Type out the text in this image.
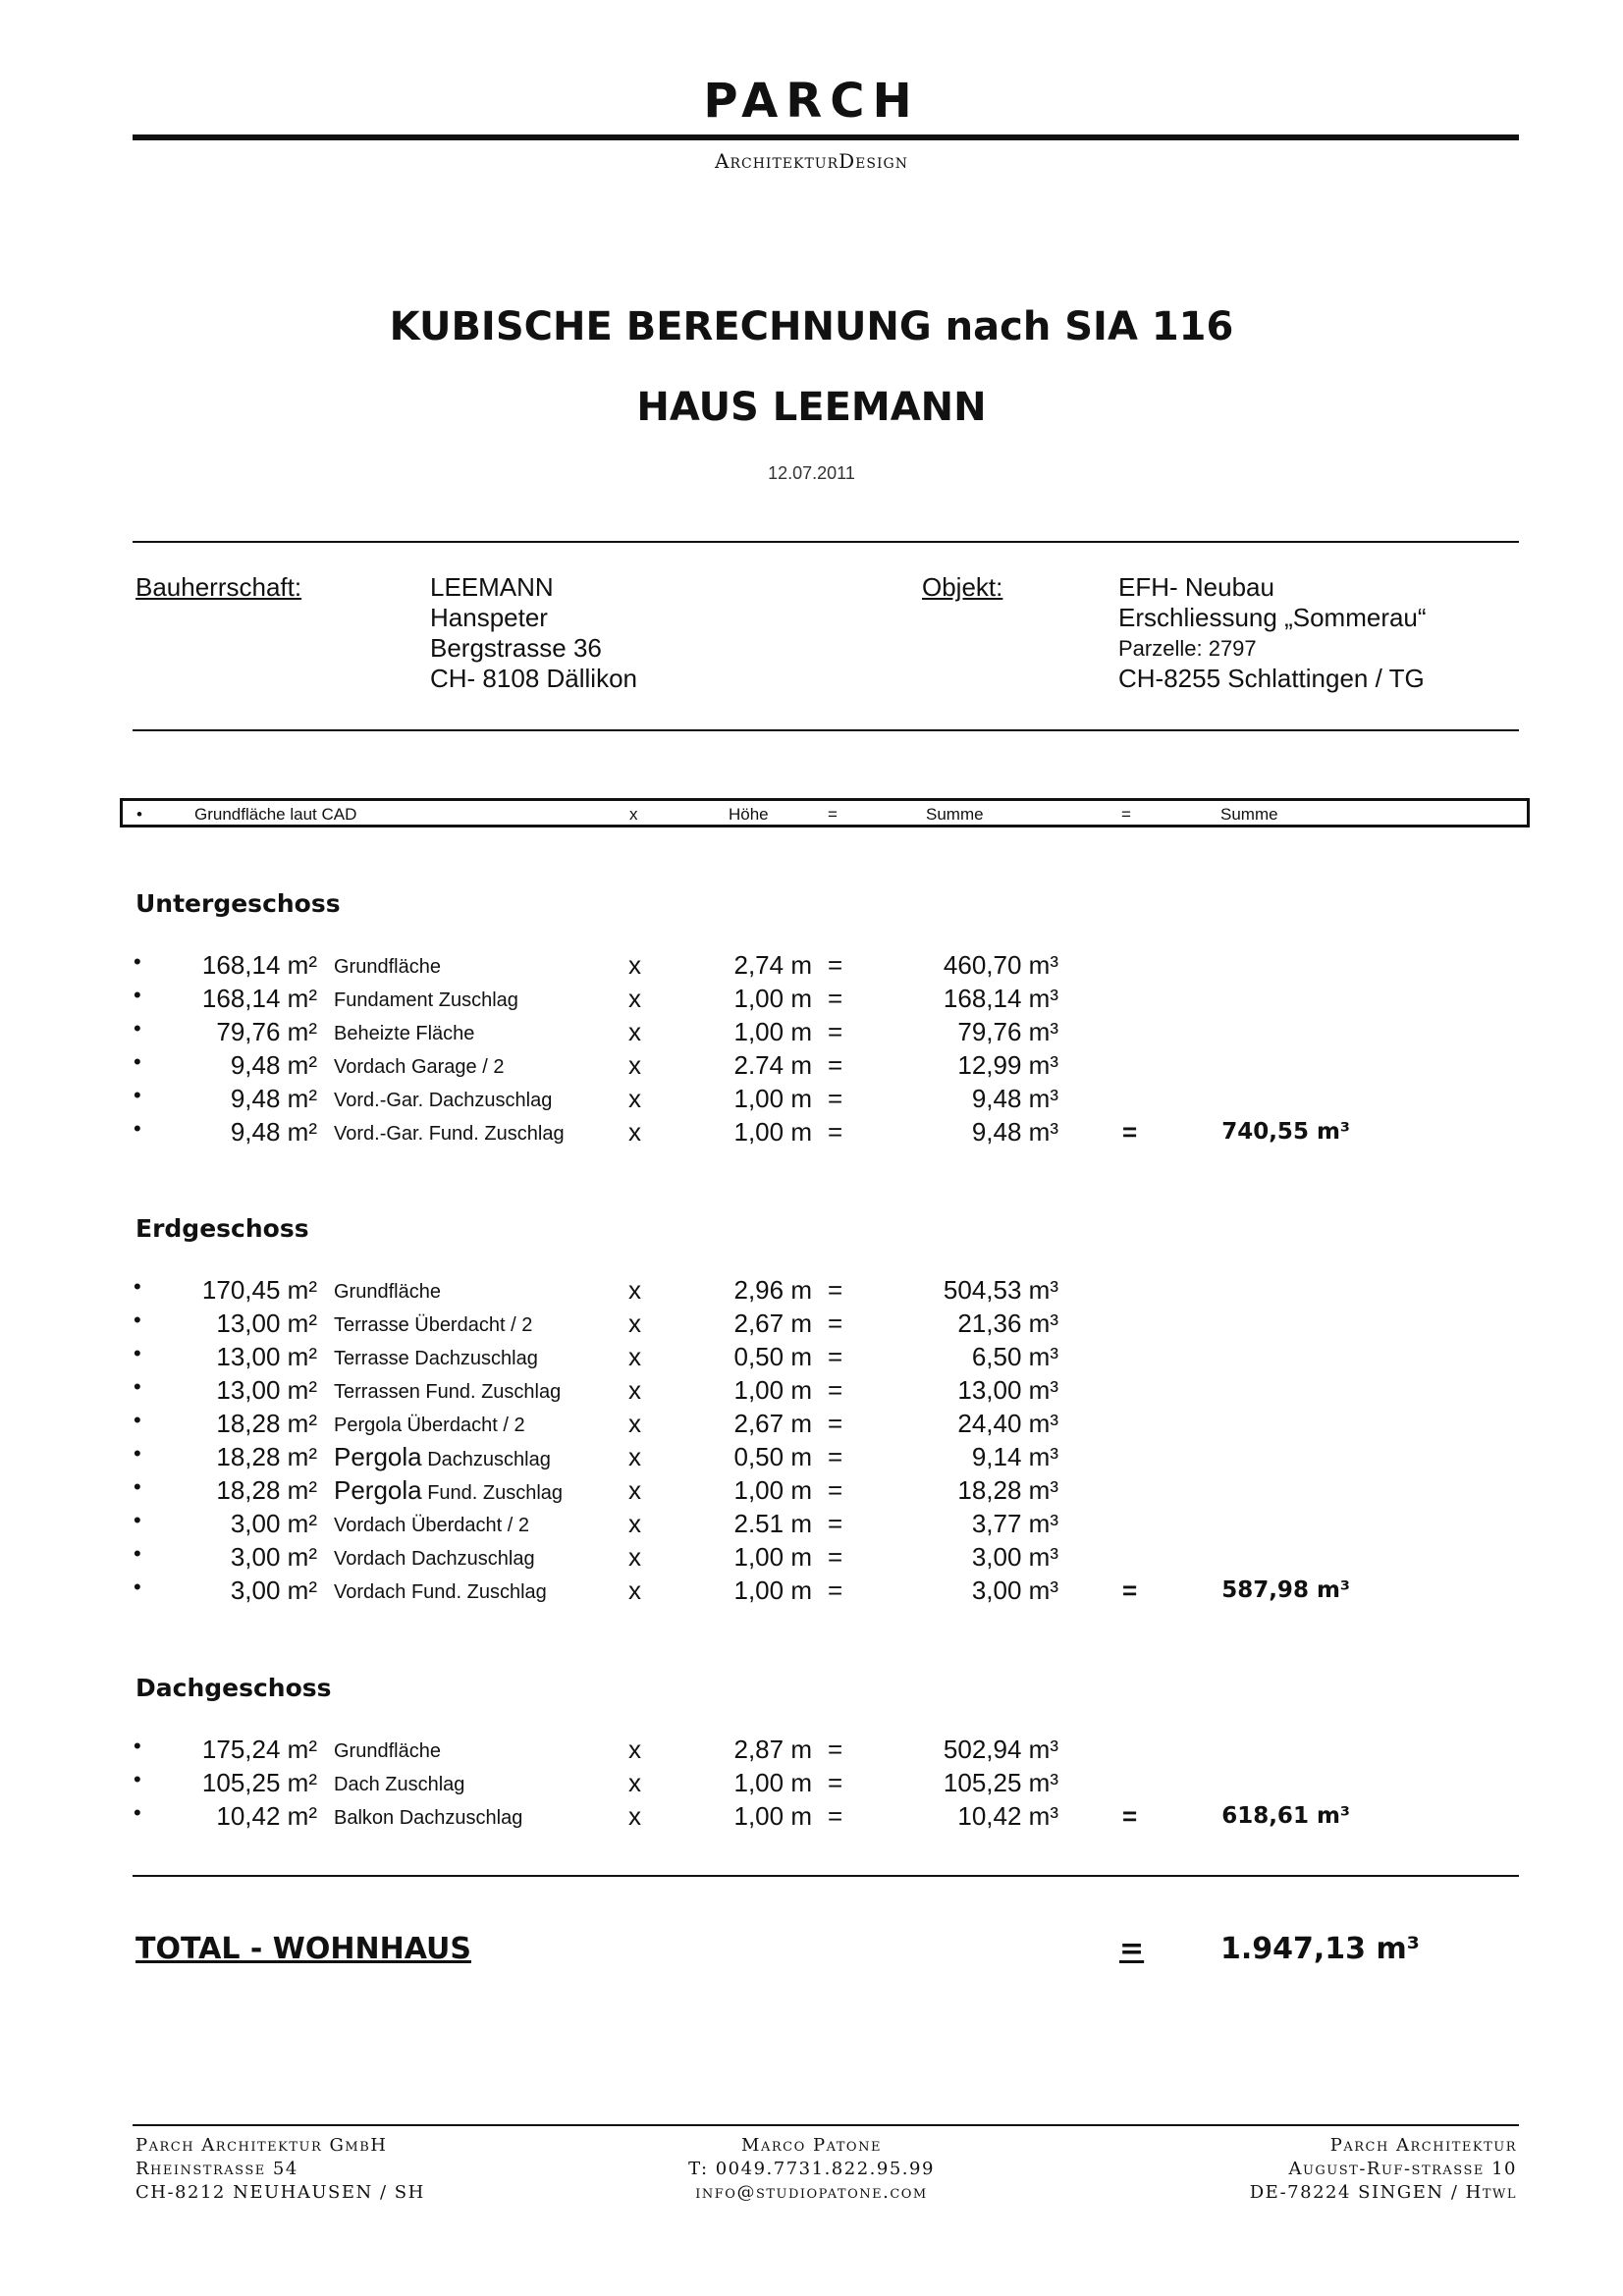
PARCH
ArchitekturDesign
KUBISCHE BERECHNUNG nach SIA 116
HAUS LEEMANN
12.07.2011
Bauherrschaft:	LEEMANN
Hanspeter
Bergstrasse 36
CH- 8108 Dällikon
Objekt:	EFH- Neubau
Erschliessung „Sommerau“
Parzelle: 2797
CH-8255 Schlattingen / TG
•	Grundfläche laut CAD	x	Höhe	=	Summe	=	Summe
Untergeschoss
• 168,14 m² Grundfläche	x	2,74 m =	460,70 m³
• 168,14 m² Fundament Zuschlag	x	1,00 m =	168,14 m³
•	79,76 m² Beheizte Fläche	x	1,00 m =	79,76 m³
•	9,48 m² Vordach Garage / 2	x	2.74 m =	12,99 m³
•	9,48 m² Vord.-Gar. Dachzuschlag	x	1,00 m =	9,48 m³
•	9,48 m² Vord.-Gar. Fund. Zuschlag	x	1,00 m =	9,48 m³	=	740,55 m³
Erdgeschoss
• 170,45 m² Grundfläche	x	2,96 m =	504,53 m³
•	13,00 m² Terrasse Überdacht / 2	x	2,67 m =	21,36 m³
•	13,00 m² Terrasse Dachzuschlag	x	0,50 m =	6,50 m³
•	13,00 m² Terrassen Fund. Zuschlag	x	1,00 m =	13,00 m³
•	18,28 m² Pergola Überdacht / 2	x	2,67 m =	24,40 m³
•	18,28 m² Pergola Dachzuschlag	x	0,50 m =	9,14 m³
•	18,28 m² Pergola Fund. Zuschlag	x	1,00 m =	18,28 m³
•	3,00 m² Vordach Überdacht / 2	x	2.51 m =	3,77 m³
•	3,00 m² Vordach Dachzuschlag	x	1,00 m =	3,00 m³
•	3,00 m² Vordach Fund. Zuschlag	x	1,00 m =	3,00 m³	=	587,98 m³
Dachgeschoss
• 175,24 m² Grundfläche	x	2,87 m =	502,94 m³
• 105,25 m² Dach Zuschlag	x	1,00 m =	105,25 m³
•	10,42 m² Balkon Dachzuschlag	x	1,00 m =	10,42 m³	=	618,61 m³
TOTAL - WOHNHAUS	=	1.947,13 m³
Parch Architektur GmbH
Rheinstrasse 54
CH-8212 NEUHAUSEN / SH
Marco Patone
T: 0049.7731.822.95.99
info@studiopatone.com
Parch Architektur
August-Ruf-strasse 10
DE-78224 SINGEN / Htwl
